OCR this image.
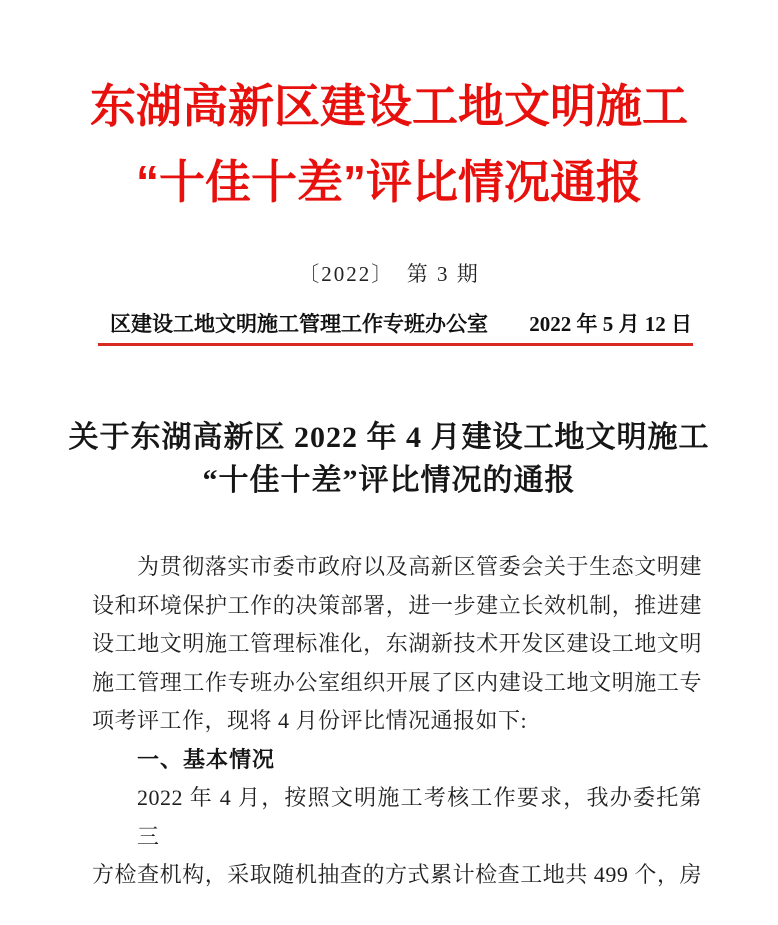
东湖高新区建设工地文明施工
“十佳十差”评比情况通报
〔2022〕　第 3 期
区建设工地文明施工管理工作专班办公室 2022 年 5 月 12 日
关于东湖高新区 2022 年 4 月建设工地文明施工
“十佳十差”评比情况的通报
为贯彻落实市委市政府以及高新区管委会关于生态文明建
设和环境保护工作的决策部署，进一步建立长效机制，推进建
设工地文明施工管理标准化，东湖新技术开发区建设工地文明
施工管理工作专班办公室组织开展了区内建设工地文明施工专
项考评工作，现将 4 月份评比情况通报如下:
一、基本情况
2022 年 4 月，按照文明施工考核工作要求，我办委托第三
方检查机构，采取随机抽查的方式累计检查工地共 499 个，房
